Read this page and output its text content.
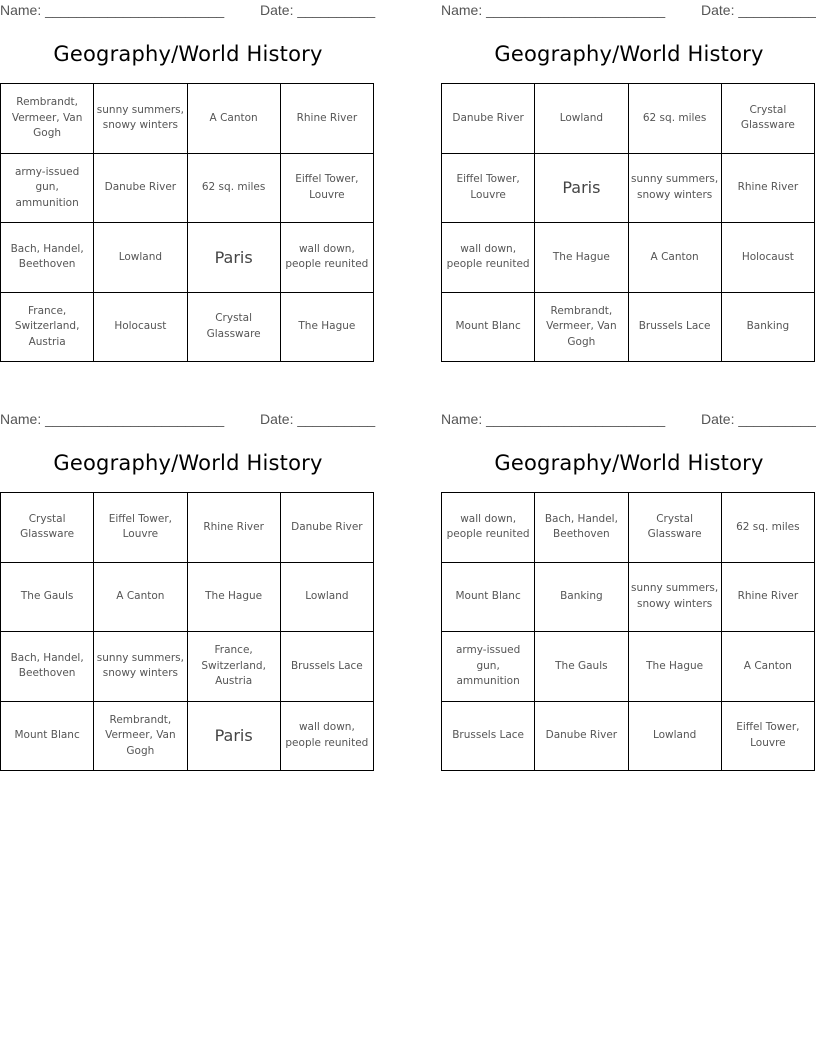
Name: _______________________	Date: __________
Geography/World History
Rembrandt, Vermeer, Van Gogh	sunny summers, snowy winters	A Canton	Rhine River
army-issued gun, ammunition	Danube River	62 sq. miles	Eiffel Tower, Louvre
Bach, Handel, Beethoven	Lowland	Paris	wall down, people reunited
France, Switzerland, Austria	Holocaust	Crystal Glassware	The Hague
Name: _______________________	Date: __________
Geography/World History
Danube River	Lowland	62 sq. miles	Crystal Glassware
Eiffel Tower, Louvre	Paris	sunny summers, snowy winters	Rhine River
wall down, people reunited	The Hague	A Canton	Holocaust
Mount Blanc	Rembrandt, Vermeer, Van Gogh	Brussels Lace	Banking
Name: _______________________	Date: __________
Geography/World History
Crystal Glassware	Eiffel Tower, Louvre	Rhine River	Danube River
The Gauls	A Canton	The Hague	Lowland
Bach, Handel, Beethoven	sunny summers, snowy winters	France, Switzerland, Austria	Brussels Lace
Mount Blanc	Rembrandt, Vermeer, Van Gogh	Paris	wall down, people reunited
Name: _______________________	Date: __________
Geography/World History
wall down, people reunited	Bach, Handel, Beethoven	Crystal Glassware	62 sq. miles
Mount Blanc	Banking	sunny summers, snowy winters	Rhine River
army-issued gun, ammunition	The Gauls	The Hague	A Canton
Brussels Lace	Danube River	Lowland	Eiffel Tower, Louvre
